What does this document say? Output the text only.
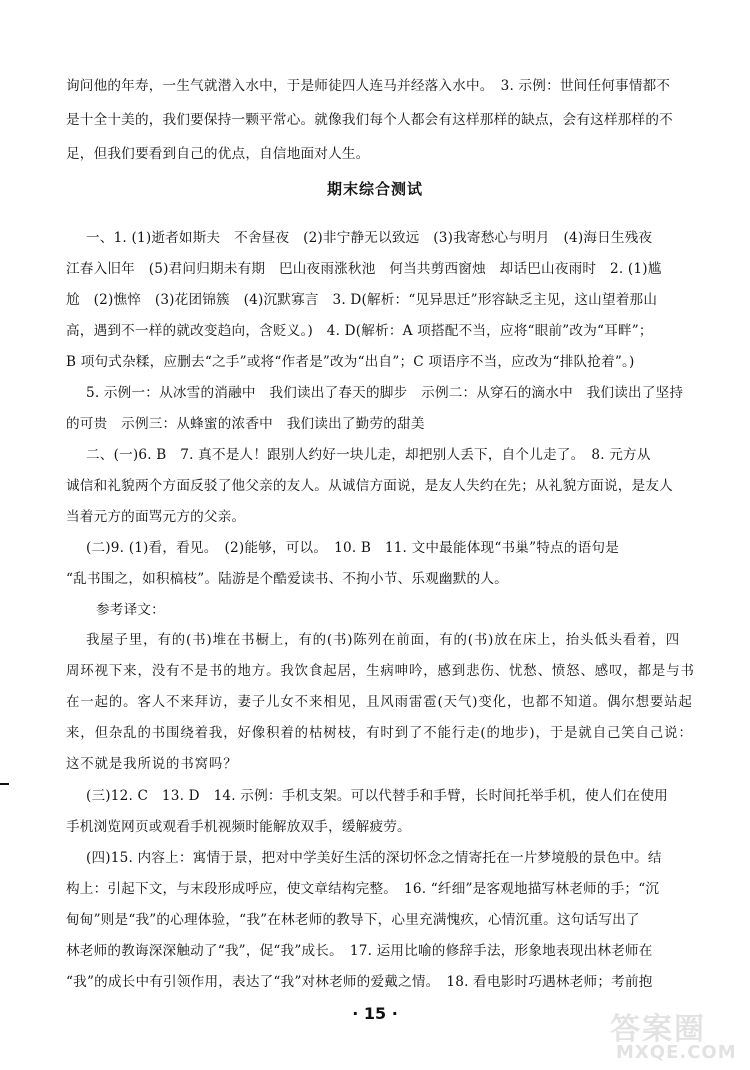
询问他的年寿，一生气就潜入水中，于是师徒四人连马并经落入水中。　3. 示例：世间任何事情都不
是十全十美的，我们要保持一颗平常心。就像我们每个人都会有这样那样的缺点，会有这样那样的不
足，但我们要看到自己的优点，自信地面对人生。
期末综合测试
一、1. (1)逝者如斯夫　不舍昼夜　(2)非宁静无以致远　(3)我寄愁心与明月　(4)海日生残夜
江春入旧年　(5)君问归期未有期　巴山夜雨涨秋池　何当共剪西窗烛　却话巴山夜雨时　2. (1)尴
尬　(2)憔悴　(3)花团锦簇　(4)沉默寡言　3. D(解析：“见异思迁”形容缺乏主见，这山望着那山
高，遇到不一样的就改变趋向，含贬义。)　4. D(解析：A 项搭配不当，应将“眼前”改为“耳畔”；
B 项句式杂糅，应删去“之手”或将“作者是”改为“出自”；C 项语序不当，应改为“排队抢着”。)
5. 示例一：从冰雪的消融中　我们读出了春天的脚步　示例二：从穿石的滴水中　我们读出了坚持
的可贵　示例三：从蜂蜜的浓香中　我们读出了勤劳的甜美
二、(一)6. B　7. 真不是人！跟别人约好一块儿走，却把别人丢下，自个儿走了。　8. 元方从
诚信和礼貌两个方面反驳了他父亲的友人。从诚信方面说，是友人失约在先；从礼貌方面说，是友人
当着元方的面骂元方的父亲。
(二)9. (1)看，看见。　(2)能够，可以。　10. B　11. 文中最能体现“书巢”特点的语句是
“乱书围之，如积槁枝”。陆游是个酷爱读书、不拘小节、乐观幽默的人。
参考译文：
我屋子里，有的(书)堆在书橱上，有的(书)陈列在前面，有的(书)放在床上，抬头低头看着，四
周环视下来，没有不是书的地方。我饮食起居，生病呻吟，感到悲伤、忧愁、愤怒、感叹，都是与书
在一起的。客人不来拜访，妻子儿女不来相见，且风雨雷雹(天气)变化，也都不知道。偶尔想要站起
来，但杂乱的书围绕着我，好像积着的枯树枝，有时到了不能行走(的地步)，于是就自己笑自己说：
这不就是我所说的书窝吗？
(三)12. C　13. D　14. 示例：手机支架。可以代替手和手臂，长时间托举手机，使人们在使用
手机浏览网页或观看手机视频时能解放双手，缓解疲劳。
(四)15. 内容上：寓情于景，把对中学美好生活的深切怀念之情寄托在一片梦境般的景色中。结
构上：引起下文，与末段形成呼应，使文章结构完整。　16. “纤细”是客观地描写林老师的手；“沉
甸甸”则是“我”的心理体验，“我”在林老师的教导下，心里充满愧疚，心情沉重。这句话写出了
林老师的教诲深深触动了“我”，促“我”成长。　17. 运用比喻的修辞手法，形象地表现出林老师在
“我”的成长中有引领作用，表达了“我”对林老师的爱戴之情。　18. 看电影时巧遇林老师；考前抱
· 15 ·	答案圈
MXQE.COM
